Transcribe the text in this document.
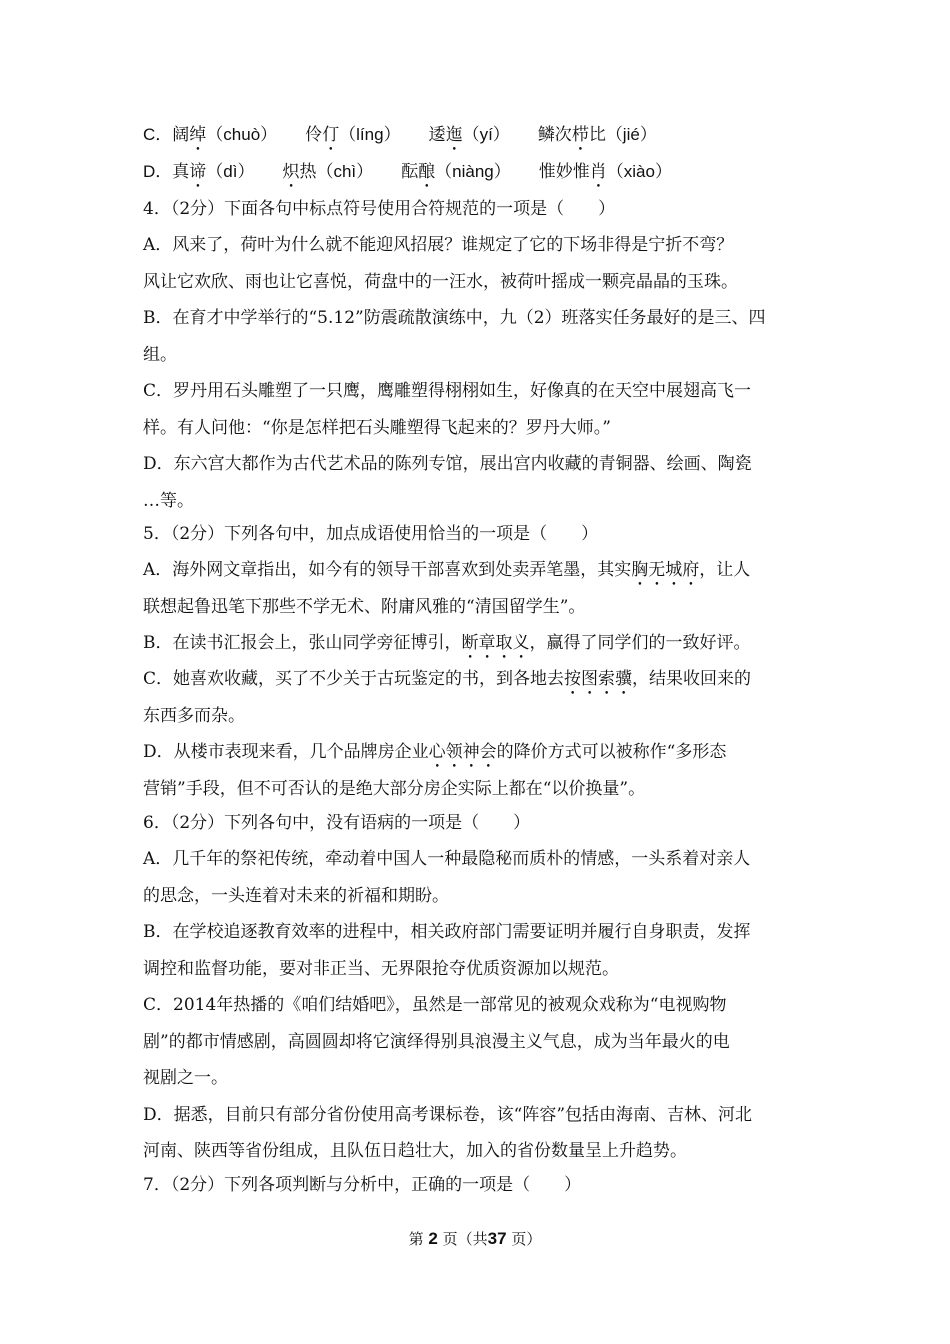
C．阔绰（chuò） 伶仃（líng） 逶迤（yí） 鳞次栉比（jié）
D．真谛（dì） 炽热（chì） 酝酿（niàng） 惟妙惟肖（xiào）
4．（2分）下面各句中标点符号使用合符规范的一项是（　　）
A．风来了，荷叶为什么就不能迎风招展？谁规定了它的下场非得是宁折不弯？
风让它欢欣、雨也让它喜悦，荷盘中的一汪水，被荷叶摇成一颗亮晶晶的玉珠。
B．在育才中学举行的“5.12”防震疏散演练中，九（2）班落实任务最好的是三、四
组。
C．罗丹用石头雕塑了一只鹰，鹰雕塑得栩栩如生，好像真的在天空中展翅高飞一
样。有人问他：“你是怎样把石头雕塑得飞起来的？罗丹大师。”
D．东六宫大都作为古代艺术品的陈列专馆，展出宫内收藏的青铜器、绘画、陶瓷
…等。
5．（2分）下列各句中，加点成语使用恰当的一项是（　　）
A．海外网文章指出，如今有的领导干部喜欢到处卖弄笔墨，其实胸无城府，让人
联想起鲁迅笔下那些不学无术、附庸风雅的“清国留学生”。
B．在读书汇报会上，张山同学旁征博引，断章取义，赢得了同学们的一致好评。
C．她喜欢收藏，买了不少关于古玩鉴定的书，到各地去按图索骥，结果收回来的
东西多而杂。
D．从楼市表现来看，几个品牌房企业心领神会的降价方式可以被称作“多形态
营销”手段，但不可否认的是绝大部分房企实际上都在“以价换量”。
6．（2分）下列各句中，没有语病的一项是（　　）
A．几千年的祭祀传统，牵动着中国人一种最隐秘而质朴的情感，一头系着对亲人
的思念，一头连着对未来的祈福和期盼。
B．在学校追逐教育效率的进程中，相关政府部门需要证明并履行自身职责，发挥
调控和监督功能，要对非正当、无界限抢夺优质资源加以规范。
C．2014年热播的《咱们结婚吧》，虽然是一部常见的被观众戏称为“电视购物
剧”的都市情感剧，高圆圆却将它演绎得别具浪漫主义气息，成为当年最火的电
视剧之一。
D．据悉，目前只有部分省份使用高考课标卷，该“阵容”包括由海南、吉林、河北
河南、陕西等省份组成，且队伍日趋壮大，加入的省份数量呈上升趋势。
7．（2分）下列各项判断与分析中，正确的一项是（　　）
第 2 页（共37 页）
